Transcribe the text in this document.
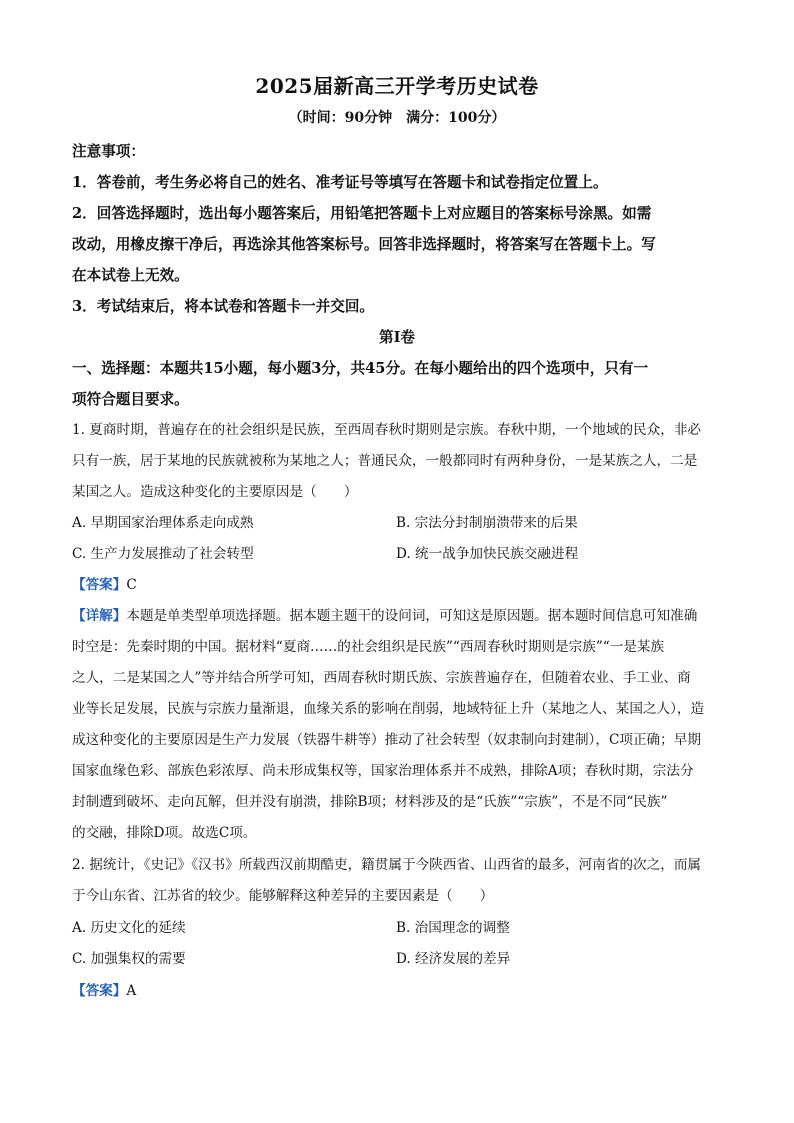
2025届新高三开学考历史试卷
（时间：90分钟　满分：100分）
注意事项：
1．答卷前，考生务必将自己的姓名、准考证号等填写在答题卡和试卷指定位置上。
2．回答选择题时，选出每小题答案后，用铅笔把答题卡上对应题目的答案标号涂黑。如需
改动，用橡皮擦干净后，再选涂其他答案标号。回答非选择题时，将答案写在答题卡上。写
在本试卷上无效。
3．考试结束后，将本试卷和答题卡一并交回。
第Ⅰ卷
一、选择题：本题共15小题，每小题3分，共45分。在每小题给出的四个选项中，只有一
项符合题目要求。
1. 夏商时期，普遍存在的社会组织是民族，至西周春秋时期则是宗族。春秋中期，一个地域的民众，非必
只有一族，居于某地的民族就被称为某地之人；普通民众，一般都同时有两种身份，一是某族之人，二是
某国之人。造成这种变化的主要原因是（　　）
A. 早期国家治理体系走向成熟	B. 宗法分封制崩溃带来的后果
C. 生产力发展推动了社会转型	D. 统一战争加快民族交融进程
【答案】C
【详解】本题是单类型单项选择题。据本题主题干的设问词，可知这是原因题。据本题时间信息可知准确
时空是：先秦时期的中国。据材料“夏商……的社会组织是民族”“西周春秋时期则是宗族”“一是某族
之人，二是某国之人”等并结合所学可知，西周春秋时期氏族、宗族普遍存在，但随着农业、手工业、商
业等长足发展，民族与宗族力量渐退，血缘关系的影响在削弱，地域特征上升（某地之人、某国之人），造
成这种变化的主要原因是生产力发展（铁器牛耕等）推动了社会转型（奴隶制向封建制），C项正确；早期
国家血缘色彩、部族色彩浓厚、尚未形成集权等，国家治理体系并不成熟，排除A项；春秋时期，宗法分
封制遭到破坏、走向瓦解，但并没有崩溃，排除B项；材料涉及的是“氏族”“宗族”，不是不同“民族”
的交融，排除D项。故选C项。
2. 据统计，《史记》《汉书》所载西汉前期酷吏，籍贯属于今陕西省、山西省的最多，河南省的次之，而属
于今山东省、江苏省的较少。能够解释这种差异的主要因素是（　　）
A. 历史文化的延续	B. 治国理念的调整
C. 加强集权的需要	D. 经济发展的差异
【答案】A
